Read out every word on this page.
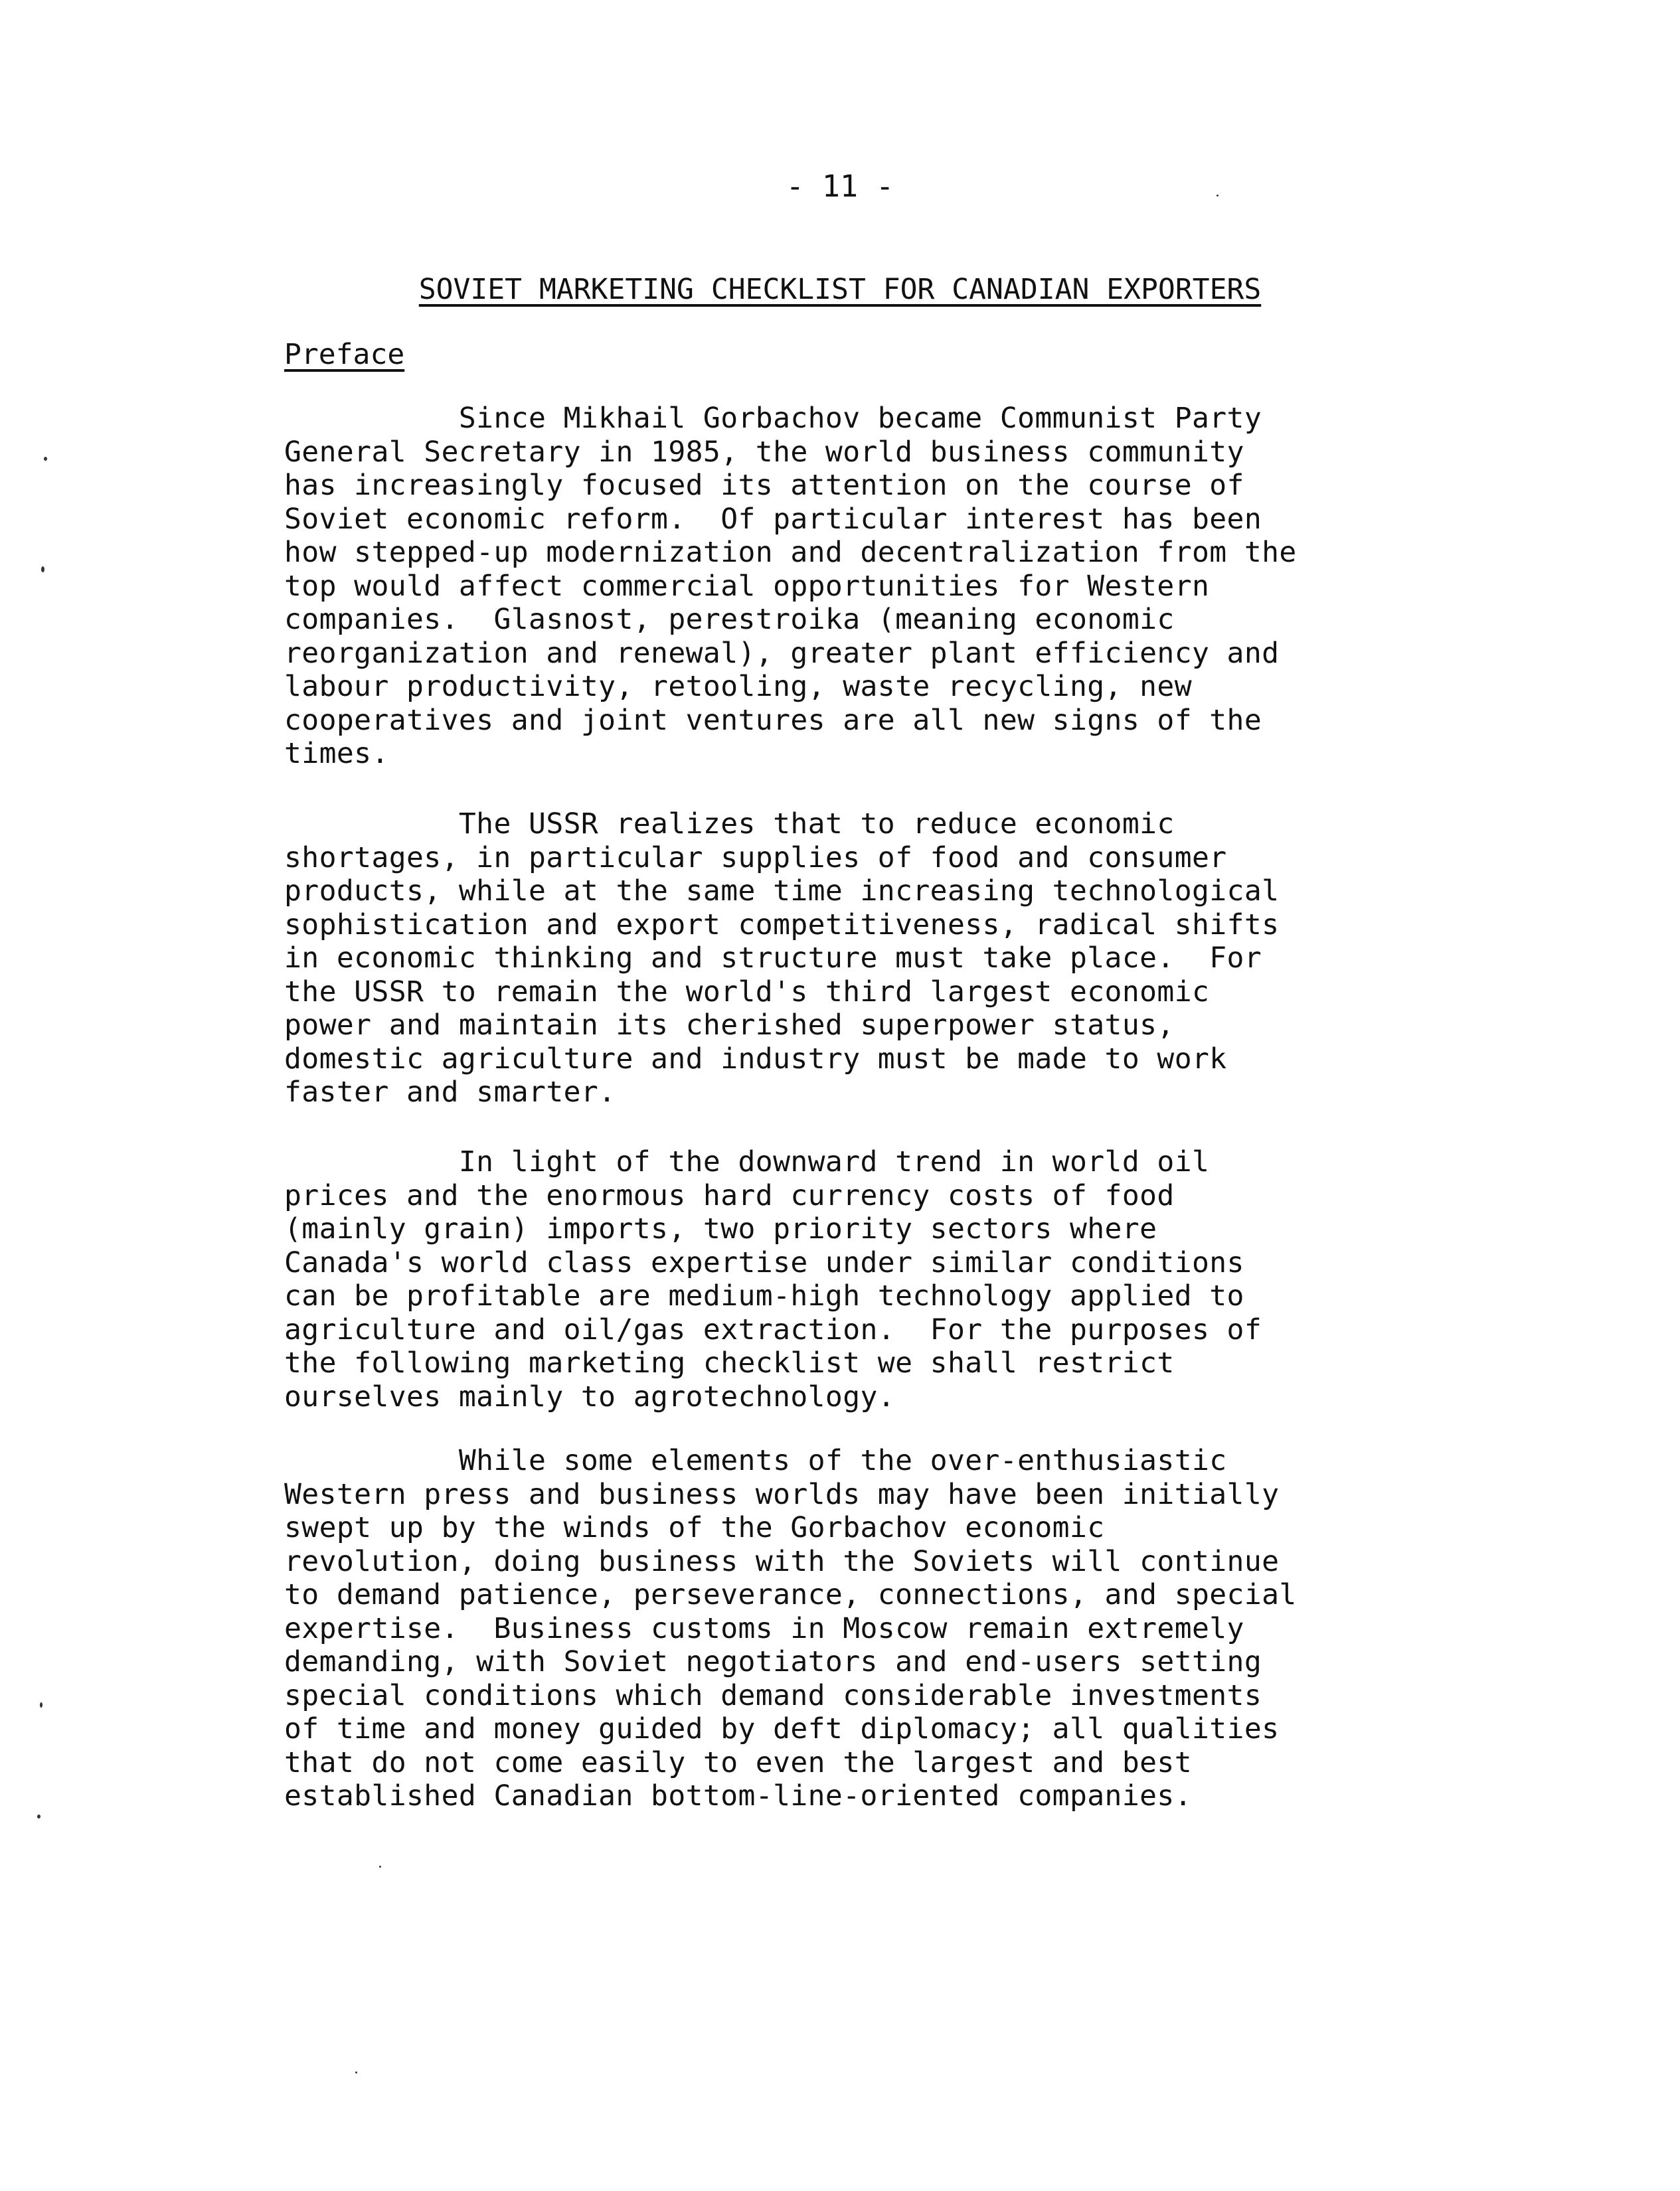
- 11 -
SOVIET MARKETING CHECKLIST FOR CANADIAN EXPORTERS
Preface

Since Mikhail Gorbachov became Communist Party
General Secretary in 1985, the world business community
has increasingly focused its attention on the course of
Soviet economic reform.  Of particular interest has been
how stepped-up modernization and decentralization from the
top would affect commercial opportunities for Western
companies.  Glasnost, perestroika (meaning economic
reorganization and renewal), greater plant efficiency and
labour productivity, retooling, waste recycling, new
cooperatives and joint ventures are all new signs of the
times.

The USSR realizes that to reduce economic
shortages, in particular supplies of food and consumer
products, while at the same time increasing technological
sophistication and export competitiveness, radical shifts
in economic thinking and structure must take place.  For
the USSR to remain the world's third largest economic
power and maintain its cherished superpower status,
domestic agriculture and industry must be made to work
faster and smarter.

In light of the downward trend in world oil
prices and the enormous hard currency costs of food
(mainly grain) imports, two priority sectors where
Canada's world class expertise under similar conditions
can be profitable are medium-high technology applied to
agriculture and oil/gas extraction.  For the purposes of
the following marketing checklist we shall restrict
ourselves mainly to agrotechnology.

While some elements of the over-enthusiastic
Western press and business worlds may have been initially
swept up by the winds of the Gorbachov economic
revolution, doing business with the Soviets will continue
to demand patience, perseverance, connections, and special
expertise.  Business customs in Moscow remain extremely
demanding, with Soviet negotiators and end-users setting
special conditions which demand considerable investments
of time and money guided by deft diplomacy; all qualities
that do not come easily to even the largest and best
established Canadian bottom-line-oriented companies.
